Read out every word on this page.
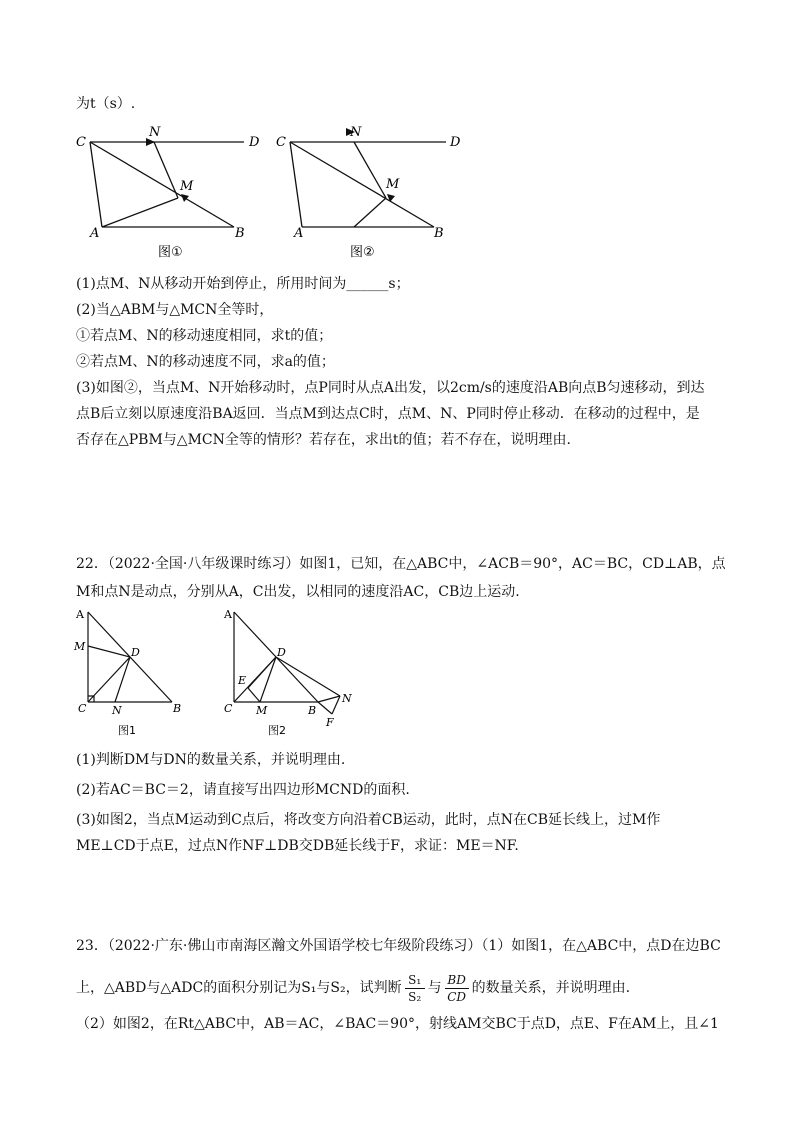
为t（s）.
C
N
D
M
A	B
图①
C
N
D
M
A	B
图②
(1)点M、N从移动开始到停止，所用时间为______s；
(2)当△ABM与△MCN全等时，
①若点M、N的移动速度相同，求t的值；
②若点M、N的移动速度不同，求a的值；
(3)如图②，当点M、N开始移动时，点P同时从点A出发，以2cm/s的速度沿AB向点B匀速移动，到达
点B后立刻以原速度沿BA返回．当点M到达点C时，点M、N、P同时停止移动．在移动的过程中，是
否存在△PBM与△MCN全等的情形？若存在，求出t的值；若不存在，说明理由.
22．（2022·全国·八年级课时练习）如图1，已知，在△ABC中，∠ACB＝90°，AC＝BC，CD⊥AB，点
M和点N是动点，分别从A，C出发，以相同的速度沿AC，CB边上运动.
A
M	D
C N	B
图1
A
D
E
C M	B
N
F
图2
(1)判断DM与DN的数量关系，并说明理由.
(2)若AC＝BC＝2，请直接写出四边形MCND的面积.
(3)如图2，当点M运动到C点后，将改变方向沿着CB运动，此时，点N在CB延长线上，过M作
ME⊥CD于点E，过点N作NF⊥DB交DB延长线于F，求证：ME＝NF.
23．（2022·广东·佛山市南海区瀚文外国语学校七年级阶段练习）（1）如图1，在△ABC中，点D在边BC
上，△ABD与△ADC的面积分别记为S₁与S₂，试判断 $\frac{\text{S₁}}{\text{S₂}}$ 与 $\frac{BD}{CD}$ 的数量关系，并说明理由.
（2）如图2，在Rt△ABC中，AB＝AC，∠BAC＝90°，射线AM交BC于点D，点E、F在AM上，且∠1
